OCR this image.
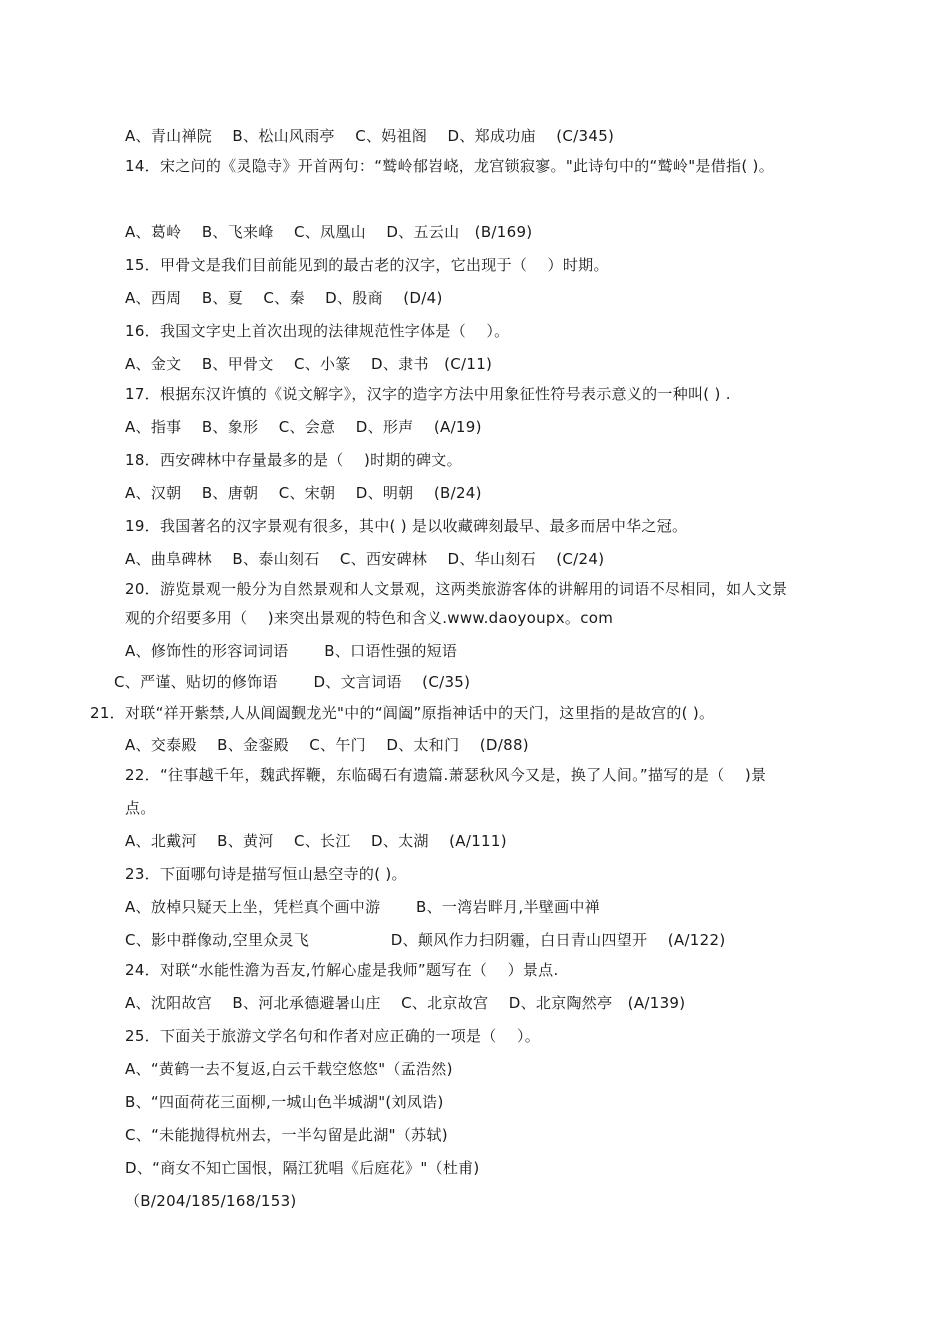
A、青山禅院　 B、松山风雨亭　 C、妈祖阁　 D、郑成功庙　 (C/345)
14．宋之问的《灵隐寺》开首两句：“鹫岭郁岧峣，龙宫锁寂寥。"此诗句中的“鹫岭"是借指( )。
A、葛岭　 B、飞来峰　 C、凤凰山　 D、五云山　(B/169)
15．甲骨文是我们目前能见到的最古老的汉字，它出现于（　 ）时期。
A、西周　 B、夏　 C、秦　 D、殷商　 (D/4)
16．我国文字史上首次出现的法律规范性字体是（　 ）。
A、金文　 B、甲骨文　 C、小篆　 D、隶书　(C/11)
17．根据东汉许慎的《说文解字》，汉字的造字方法中用象征性符号表示意义的一种叫( ) .
A、指事　 B、象形　 C、会意　 D、形声　 (A/19)
18．西安碑林中存量最多的是（　 )时期的碑文。
A、汉朝　 B、唐朝　 C、宋朝　 D、明朝　 (B/24)
19．我国著名的汉字景观有很多，其中( ) 是以收藏碑刻最早、最多而居中华之冠。
A、曲阜碑林　 B、泰山刻石　 C、西安碑林　 D、华山刻石　 (C/24)
20．游览景观一般分为自然景观和人文景观，这两类旅游客体的讲解用的词语不尽相同，如人文景
观的介绍要多用（　 )来突出景观的特色和含义.www.daoyoupx。com
A、修饰性的形容词词语　　 B、口语性强的短语
C、严谨、贴切的修饰语　　 D、文言词语　 (C/35)
21．对联“祥开紫禁,人从阊阖觐龙光"中的“阊阖”原指神话中的天门，这里指的是故宫的( )。
A、交泰殿　 B、金銮殿　 C、午门　 D、太和门　 (D/88)
22．“往事越千年，魏武挥鞭，东临碣石有遗篇.萧瑟秋风今又是，换了人间。”描写的是（　 )景
点。
A、北戴河　 B、黄河　 C、长江　 D、太湖　 (A/111)
23．下面哪句诗是描写恒山悬空寺的( )。
A、放棹只疑天上坐，凭栏真个画中游　　 B、一湾岩畔月,半壁画中禅
C、影中群像动,空里众灵飞　　　　　 D、颠风作力扫阴霾，白日青山四望开　 (A/122)
24．对联“水能性澹为吾友,竹解心虚是我师”题写在（　 ）景点.
A、沈阳故宫　 B、河北承德避暑山庄　 C、北京故宫　 D、北京陶然亭　(A/139)
25．下面关于旅游文学名句和作者对应正确的一项是（　 ）。
A、“黄鹤一去不复返,白云千载空悠悠"（孟浩然)
B、“四面荷花三面柳,一城山色半城湖"(刘凤诰)
C、“未能抛得杭州去，一半勾留是此湖"（苏轼)
D、“商女不知亡国恨，隔江犹唱《后庭花》"（杜甫)
（B/204/185/168/153)
